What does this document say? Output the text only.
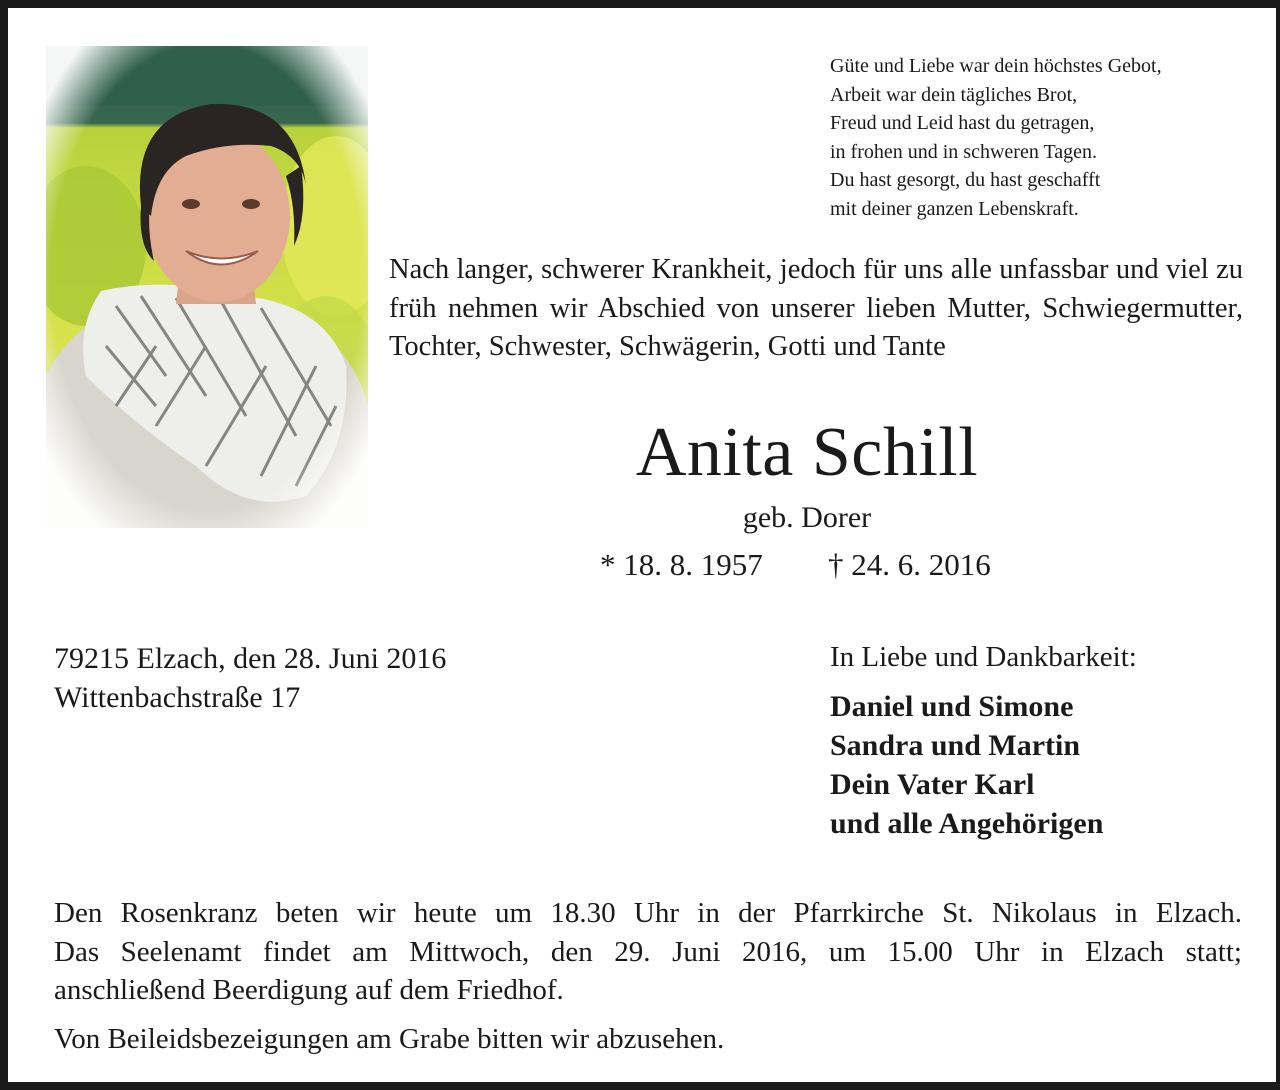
Güte und Liebe war dein höchstes Gebot,
Arbeit war dein tägliches Brot,
Freud und Leid hast du getragen,
in frohen und in schweren Tagen.
Du hast gesorgt, du hast geschafft
mit deiner ganzen Lebenskraft.
Nach langer, schwerer Krankheit, jedoch für uns alle unfassbar und viel zu früh nehmen wir Abschied von unserer lieben Mutter, Schwiegermutter, Tochter, Schwester, Schwägerin, Gotti und Tante
Anita Schill
geb. Dorer
* 18. 8. 1957 † 24. 6. 2016
79215 Elzach, den 28. Juni 2016
Wittenbachstraße 17
In Liebe und Dankbarkeit:
Daniel und Simone
Sandra und Martin
Dein Vater Karl
und alle Angehörigen
Den Rosenkranz beten wir heute um 18.30 Uhr in der Pfarrkirche St. Nikolaus in Elzach.
Das Seelenamt findet am Mittwoch, den 29. Juni 2016, um 15.00 Uhr in Elzach statt;
anschließend Beerdigung auf dem Friedhof.
Von Beileidsbezeigungen am Grabe bitten wir abzusehen.
